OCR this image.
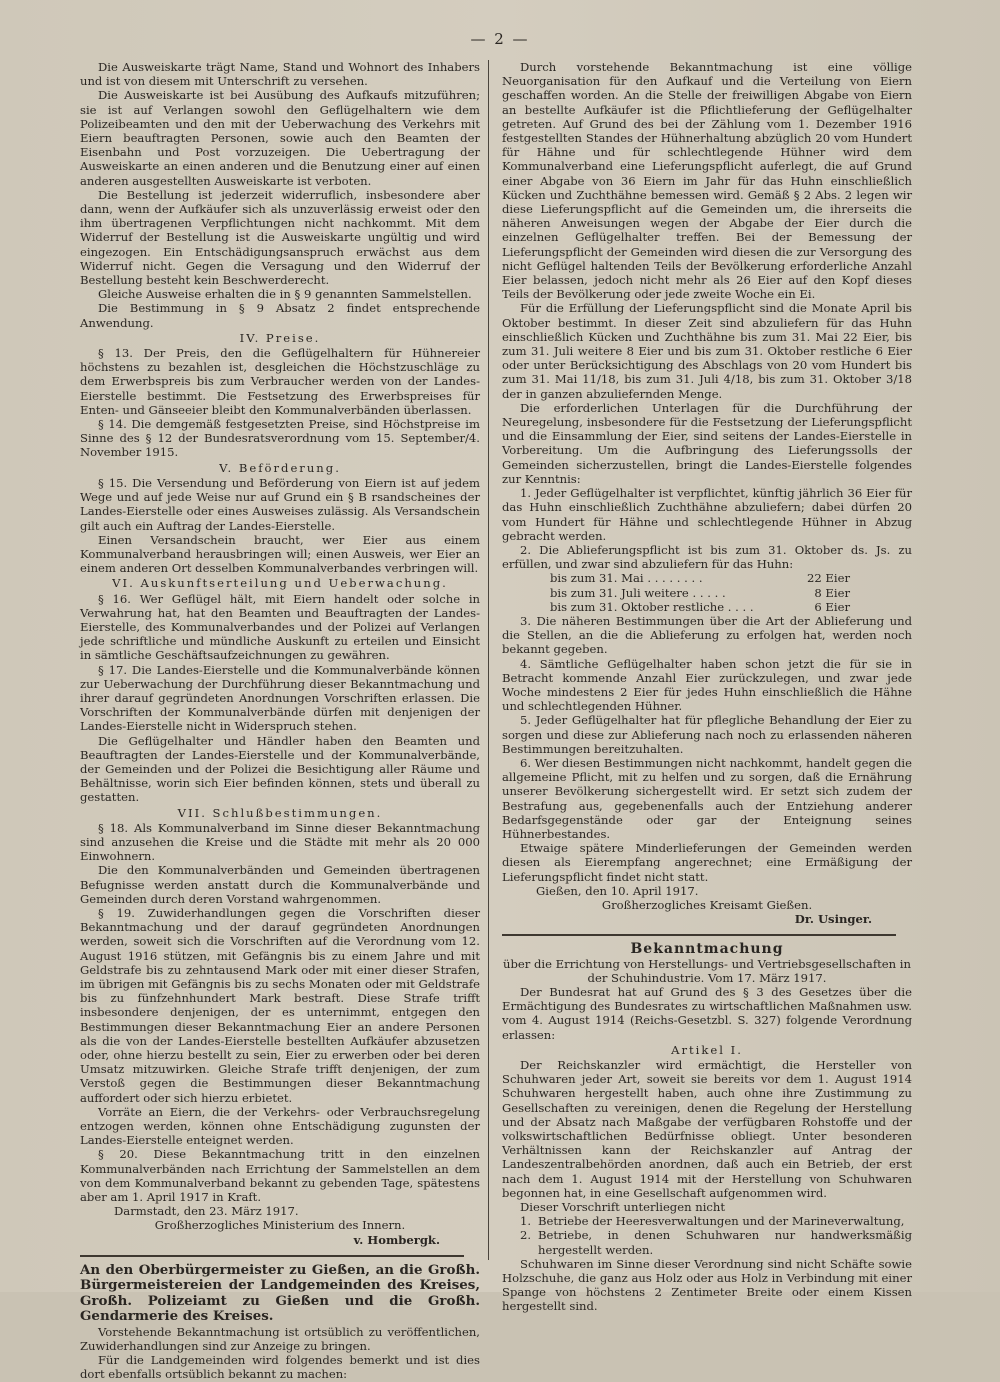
— 2 —

Die Ausweiskarte trägt Name, Stand und Wohnort des Inhabers und ist von diesem mit Unterschrift zu versehen.

Die Ausweiskarte ist bei Ausübung des Aufkaufs mitzuführen; sie ist auf Verlangen sowohl den Geflügelhaltern wie dem Polizeibeamten und den mit der Ueberwachung des Verkehrs mit Eiern beauftragten Personen, sowie auch den Beamten der Eisenbahn und Post vorzuzeigen. Die Uebertragung der Ausweiskarte an einen anderen und die Benutzung einer auf einen anderen ausgestellten Ausweiskarte ist verboten.

Die Bestellung ist jederzeit widerruflich, insbesondere aber dann, wenn der Aufkäufer sich als unzuverlässig erweist oder den ihm übertragenen Verpflichtungen nicht nachkommt. Mit dem Widerruf der Bestellung ist die Ausweiskarte ungültig und wird eingezogen. Ein Entschädigungsanspruch erwächst aus dem Widerruf nicht. Gegen die Versagung und den Widerruf der Bestellung besteht kein Beschwerderecht.

Gleiche Ausweise erhalten die in § 9 genannten Sammelstellen.

Die Bestimmung in § 9 Absatz 2 findet entsprechende Anwendung.

IV. Preise.

§ 13. Der Preis, den die Geflügelhaltern für Hühnereier höchstens zu bezahlen ist, desgleichen die Höchstzuschläge zu dem Erwerbspreis bis zum Verbraucher werden von der Landes-Eierstelle bestimmt. Die Festsetzung des Erwerbspreises für Enten- und Gänseeier bleibt den Kommunalverbänden überlassen.

§ 14. Die demgemäß festgesetzten Preise, sind Höchstpreise im Sinne des § 12 der Bundesratsverordnung vom 15. September/4. November 1915.

V. Beförderung.

§ 15. Die Versendung und Beförderung von Eiern ist auf jedem Wege und auf jede Weise nur auf Grund ein § B rsandscheines der Landes-Eierstelle oder eines Ausweises zulässig. Als Versandschein gilt auch ein Auftrag der Landes-Eierstelle.

Einen Versandschein braucht, wer Eier aus einem Kommunalverband herausbringen will; einen Ausweis, wer Eier an einem anderen Ort desselben Kommunalverbandes verbringen will.

VI. Auskunftserteilung und Ueberwachung.

§ 16. Wer Geflügel hält, mit Eiern handelt oder solche in Verwahrung hat, hat den Beamten und Beauftragten der Landes-Eierstelle, des Kommunalverbandes und der Polizei auf Verlangen jede schriftliche und mündliche Auskunft zu erteilen und Einsicht in sämtliche Geschäftsaufzeichnungen zu gewähren.

§ 17. Die Landes-Eierstelle und die Kommunalverbände können zur Ueberwachung der Durchführung dieser Bekanntmachung und ihrer darauf gegründeten Anordnungen Vorschriften erlassen. Die Vorschriften der Kommunalverbände dürfen mit denjenigen der Landes-Eierstelle nicht in Widerspruch stehen.

Die Geflügelhalter und Händler haben den Beamten und Beauftragten der Landes-Eierstelle und der Kommunalverbände, der Gemeinden und der Polizei die Besichtigung aller Räume und Behältnisse, worin sich Eier befinden können, stets und überall zu gestatten.

VII. Schlußbestimmungen.

§ 18. Als Kommunalverband im Sinne dieser Bekanntmachung sind anzusehen die Kreise und die Städte mit mehr als 20 000 Einwohnern.

Die den Kommunalverbänden und Gemeinden übertragenen Befugnisse werden anstatt durch die Kommunalverbände und Gemeinden durch deren Vorstand wahrgenommen.

§ 19. Zuwiderhandlungen gegen die Vorschriften dieser Bekanntmachung und der darauf gegründeten Anordnungen werden, soweit sich die Vorschriften auf die Verordnung vom 12. August 1916 stützen, mit Gefängnis bis zu einem Jahre und mit Geldstrafe bis zu zehntausend Mark oder mit einer dieser Strafen, im übrigen mit Gefängnis bis zu sechs Monaten oder mit Geldstrafe bis zu fünfzehnhundert Mark bestraft. Diese Strafe trifft insbesondere denjenigen, der es unternimmt, entgegen den Bestimmungen dieser Bekanntmachung Eier an andere Personen als die von der Landes-Eierstelle bestellten Aufkäufer abzusetzen oder, ohne hierzu bestellt zu sein, Eier zu erwerben oder bei deren Umsatz mitzuwirken. Gleiche Strafe trifft denjenigen, der zum Verstoß gegen die Bestimmungen dieser Bekanntmachung auffordert oder sich hierzu erbietet.

Vorräte an Eiern, die der Verkehrs- oder Verbrauchsregelung entzogen werden, können ohne Entschädigung zugunsten der Landes-Eierstelle enteignet werden.

§ 20. Diese Bekanntmachung tritt in den einzelnen Kommunalverbänden nach Errichtung der Sammelstellen an dem von dem Kommunalverband bekannt zu gebenden Tage, spätestens aber am 1. April 1917 in Kraft.

Darmstadt, den 23. März 1917.

Großherzogliches Ministerium des Innern.

v. Hombergk.

An den Oberbürgermeister zu Gießen, an die Großh. Bürgermeistereien der Landgemeinden des Kreises, Großh. Polizeiamt zu Gießen und die Großh. Gendarmerie des Kreises.

Vorstehende Bekanntmachung ist ortsüblich zu veröffentlichen, Zuwiderhandlungen sind zur Anzeige zu bringen.

Für die Landgemeinden wird folgendes bemerkt und ist dies dort ebenfalls ortsüblich bekannt zu machen:

Durch vorstehende Bekanntmachung ist eine völlige Neuorganisation für den Aufkauf und die Verteilung von Eiern geschaffen worden. An die Stelle der freiwilligen Abgabe von Eiern an bestellte Aufkäufer ist die Pflichtlieferung der Geflügelhalter getreten. Auf Grund des bei der Zählung vom 1. Dezember 1916 festgestellten Standes der Hühnerhaltung abzüglich 20 vom Hundert für Hähne und für schlechtlegende Hühner wird dem Kommunalverband eine Lieferungspflicht auferlegt, die auf Grund einer Abgabe von 36 Eiern im Jahr für das Huhn einschließlich Kücken und Zuchthähne bemessen wird. Gemäß § 2 Abs. 2 legen wir diese Lieferungspflicht auf die Gemeinden um, die ihrerseits die näheren Anweisungen wegen der Abgabe der Eier durch die einzelnen Geflügelhalter treffen. Bei der Bemessung der Lieferungspflicht der Gemeinden wird diesen die zur Versorgung des nicht Geflügel haltenden Teils der Bevölkerung erforderliche Anzahl Eier belassen, jedoch nicht mehr als 26 Eier auf den Kopf dieses Teils der Bevölkerung oder jede zweite Woche ein Ei.

Für die Erfüllung der Lieferungspflicht sind die Monate April bis Oktober bestimmt. In dieser Zeit sind abzuliefern für das Huhn einschließlich Kücken und Zuchthähne bis zum 31. Mai 22 Eier, bis zum 31. Juli weitere 8 Eier und bis zum 31. Oktober restliche 6 Eier oder unter Berücksichtigung des Abschlags von 20 vom Hundert bis zum 31. Mai 11/18, bis zum 31. Juli 4/18, bis zum 31. Oktober 3/18 der in ganzen abzuliefernden Menge.

Die erforderlichen Unterlagen für die Durchführung der Neuregelung, insbesondere für die Festsetzung der Lieferungspflicht und die Einsammlung der Eier, sind seitens der Landes-Eierstelle in Vorbereitung. Um die Aufbringung des Lieferungssolls der Gemeinden sicherzustellen, bringt die Landes-Eierstelle folgendes zur Kenntnis:

1. Jeder Geflügelhalter ist verpflichtet, künftig jährlich 36 Eier für das Huhn einschließlich Zuchthähne abzuliefern; dabei dürfen 20 vom Hundert für Hähne und schlechtlegende Hühner in Abzug gebracht werden.

2. Die Ablieferungspflicht ist bis zum 31. Oktober ds. Js. zu erfüllen, und zwar sind abzuliefern für das Huhn:

bis zum 31. Mai . . . . . . . .	22 Eier
bis zum 31. Juli weitere . . . . .	8 Eier
bis zum 31. Oktober restliche . . . .	6 Eier

3. Die näheren Bestimmungen über die Art der Ablieferung und die Stellen, an die die Ablieferung zu erfolgen hat, werden noch bekannt gegeben.

4. Sämtliche Geflügelhalter haben schon jetzt die für sie in Betracht kommende Anzahl Eier zurückzulegen, und zwar jede Woche mindestens 2 Eier für jedes Huhn einschließlich die Hähne und schlechtlegenden Hühner.

5. Jeder Geflügelhalter hat für pflegliche Behandlung der Eier zu sorgen und diese zur Ablieferung nach noch zu erlassenden näheren Bestimmungen bereitzuhalten.

6. Wer diesen Bestimmungen nicht nachkommt, handelt gegen die allgemeine Pflicht, mit zu helfen und zu sorgen, daß die Ernährung unserer Bevölkerung sichergestellt wird. Er setzt sich zudem der Bestrafung aus, gegebenenfalls auch der Entziehung anderer Bedarfsgegenstände oder gar der Enteignung seines Hühnerbestandes.

Etwaige spätere Minderlieferungen der Gemeinden werden diesen als Eierempfang angerechnet; eine Ermäßigung der Lieferungspflicht findet nicht statt.

Gießen, den 10. April 1917.

Großherzogliches Kreisamt Gießen.

Dr. Usinger.

Bekanntmachung

über die Errichtung von Herstellungs- und Vertriebsgesellschaften in der Schuhindustrie. Vom 17. März 1917.

Der Bundesrat hat auf Grund des § 3 des Gesetzes über die Ermächtigung des Bundesrates zu wirtschaftlichen Maßnahmen usw. vom 4. August 1914 (Reichs-Gesetzbl. S. 327) folgende Verordnung erlassen:

Artikel I.

Der Reichskanzler wird ermächtigt, die Hersteller von Schuhwaren jeder Art, soweit sie bereits vor dem 1. August 1914 Schuhwaren hergestellt haben, auch ohne ihre Zustimmung zu Gesellschaften zu vereinigen, denen die Regelung der Herstellung und der Absatz nach Maßgabe der verfügbaren Rohstoffe und der volkswirtschaftlichen Bedürfnisse obliegt. Unter besonderen Verhältnissen kann der Reichskanzler auf Antrag der Landeszentralbehörden anordnen, daß auch ein Betrieb, der erst nach dem 1. August 1914 mit der Herstellung von Schuhwaren begonnen hat, in eine Gesellschaft aufgenommen wird.

Dieser Vorschrift unterliegen nicht

1. Betriebe der Heeresverwaltungen und der Marineverwaltung,
2. Betriebe, in denen Schuhwaren nur handwerksmäßig hergestellt werden.

Schuhwaren im Sinne dieser Verordnung sind nicht Schäfte sowie Holzschuhe, die ganz aus Holz oder aus Holz in Verbindung mit einer Spange von höchstens 2 Zentimeter Breite oder einem Kissen hergestellt sind.
